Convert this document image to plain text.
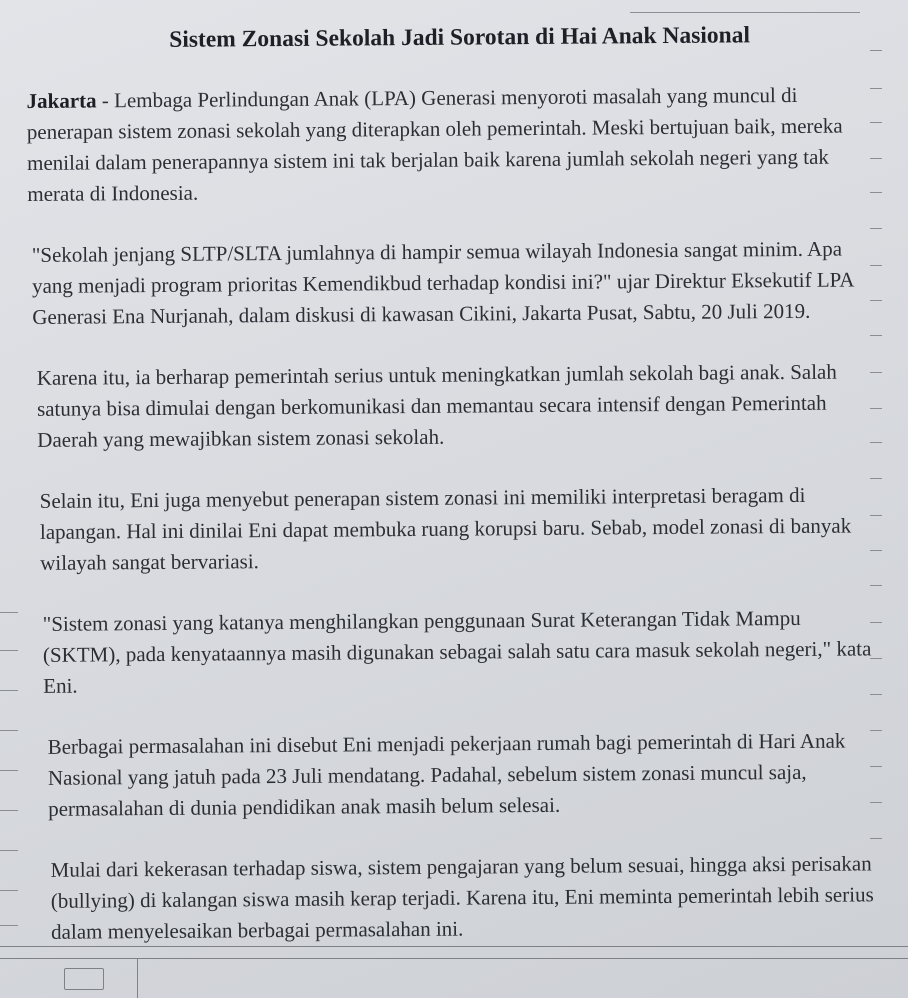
Sistem Zonasi Sekolah Jadi Sorotan di Hai Anak Nasional

Jakarta - Lembaga Perlindungan Anak (LPA) Generasi menyoroti masalah yang muncul di penerapan sistem zonasi sekolah yang diterapkan oleh pemerintah. Meski bertujuan baik, mereka menilai dalam penerapannya sistem ini tak berjalan baik karena jumlah sekolah negeri yang tak merata di Indonesia.

"Sekolah jenjang SLTP/SLTA jumlahnya di hampir semua wilayah Indonesia sangat minim. Apa yang menjadi program prioritas Kemendikbud terhadap kondisi ini?" ujar Direktur Eksekutif LPA Generasi Ena Nurjanah, dalam diskusi di kawasan Cikini, Jakarta Pusat, Sabtu, 20 Juli 2019.

Karena itu, ia berharap pemerintah serius untuk meningkatkan jumlah sekolah bagi anak. Salah satunya bisa dimulai dengan berkomunikasi dan memantau secara intensif dengan Pemerintah Daerah yang mewajibkan sistem zonasi sekolah.

Selain itu, Eni juga menyebut penerapan sistem zonasi ini memiliki interpretasi beragam di lapangan. Hal ini dinilai Eni dapat membuka ruang korupsi baru. Sebab, model zonasi di banyak wilayah sangat bervariasi.

"Sistem zonasi yang katanya menghilangkan penggunaan Surat Keterangan Tidak Mampu (SKTM), pada kenyataannya masih digunakan sebagai salah satu cara masuk sekolah negeri," kata Eni.

Berbagai permasalahan ini disebut Eni menjadi pekerjaan rumah bagi pemerintah di Hari Anak Nasional yang jatuh pada 23 Juli mendatang. Padahal, sebelum sistem zonasi muncul saja, permasalahan di dunia pendidikan anak masih belum selesai.

Mulai dari kekerasan terhadap siswa, sistem pengajaran yang belum sesuai, hingga aksi perisakan (bullying) di kalangan siswa masih kerap terjadi. Karena itu, Eni meminta pemerintah lebih serius dalam menyelesaikan berbagai permasalahan ini.
